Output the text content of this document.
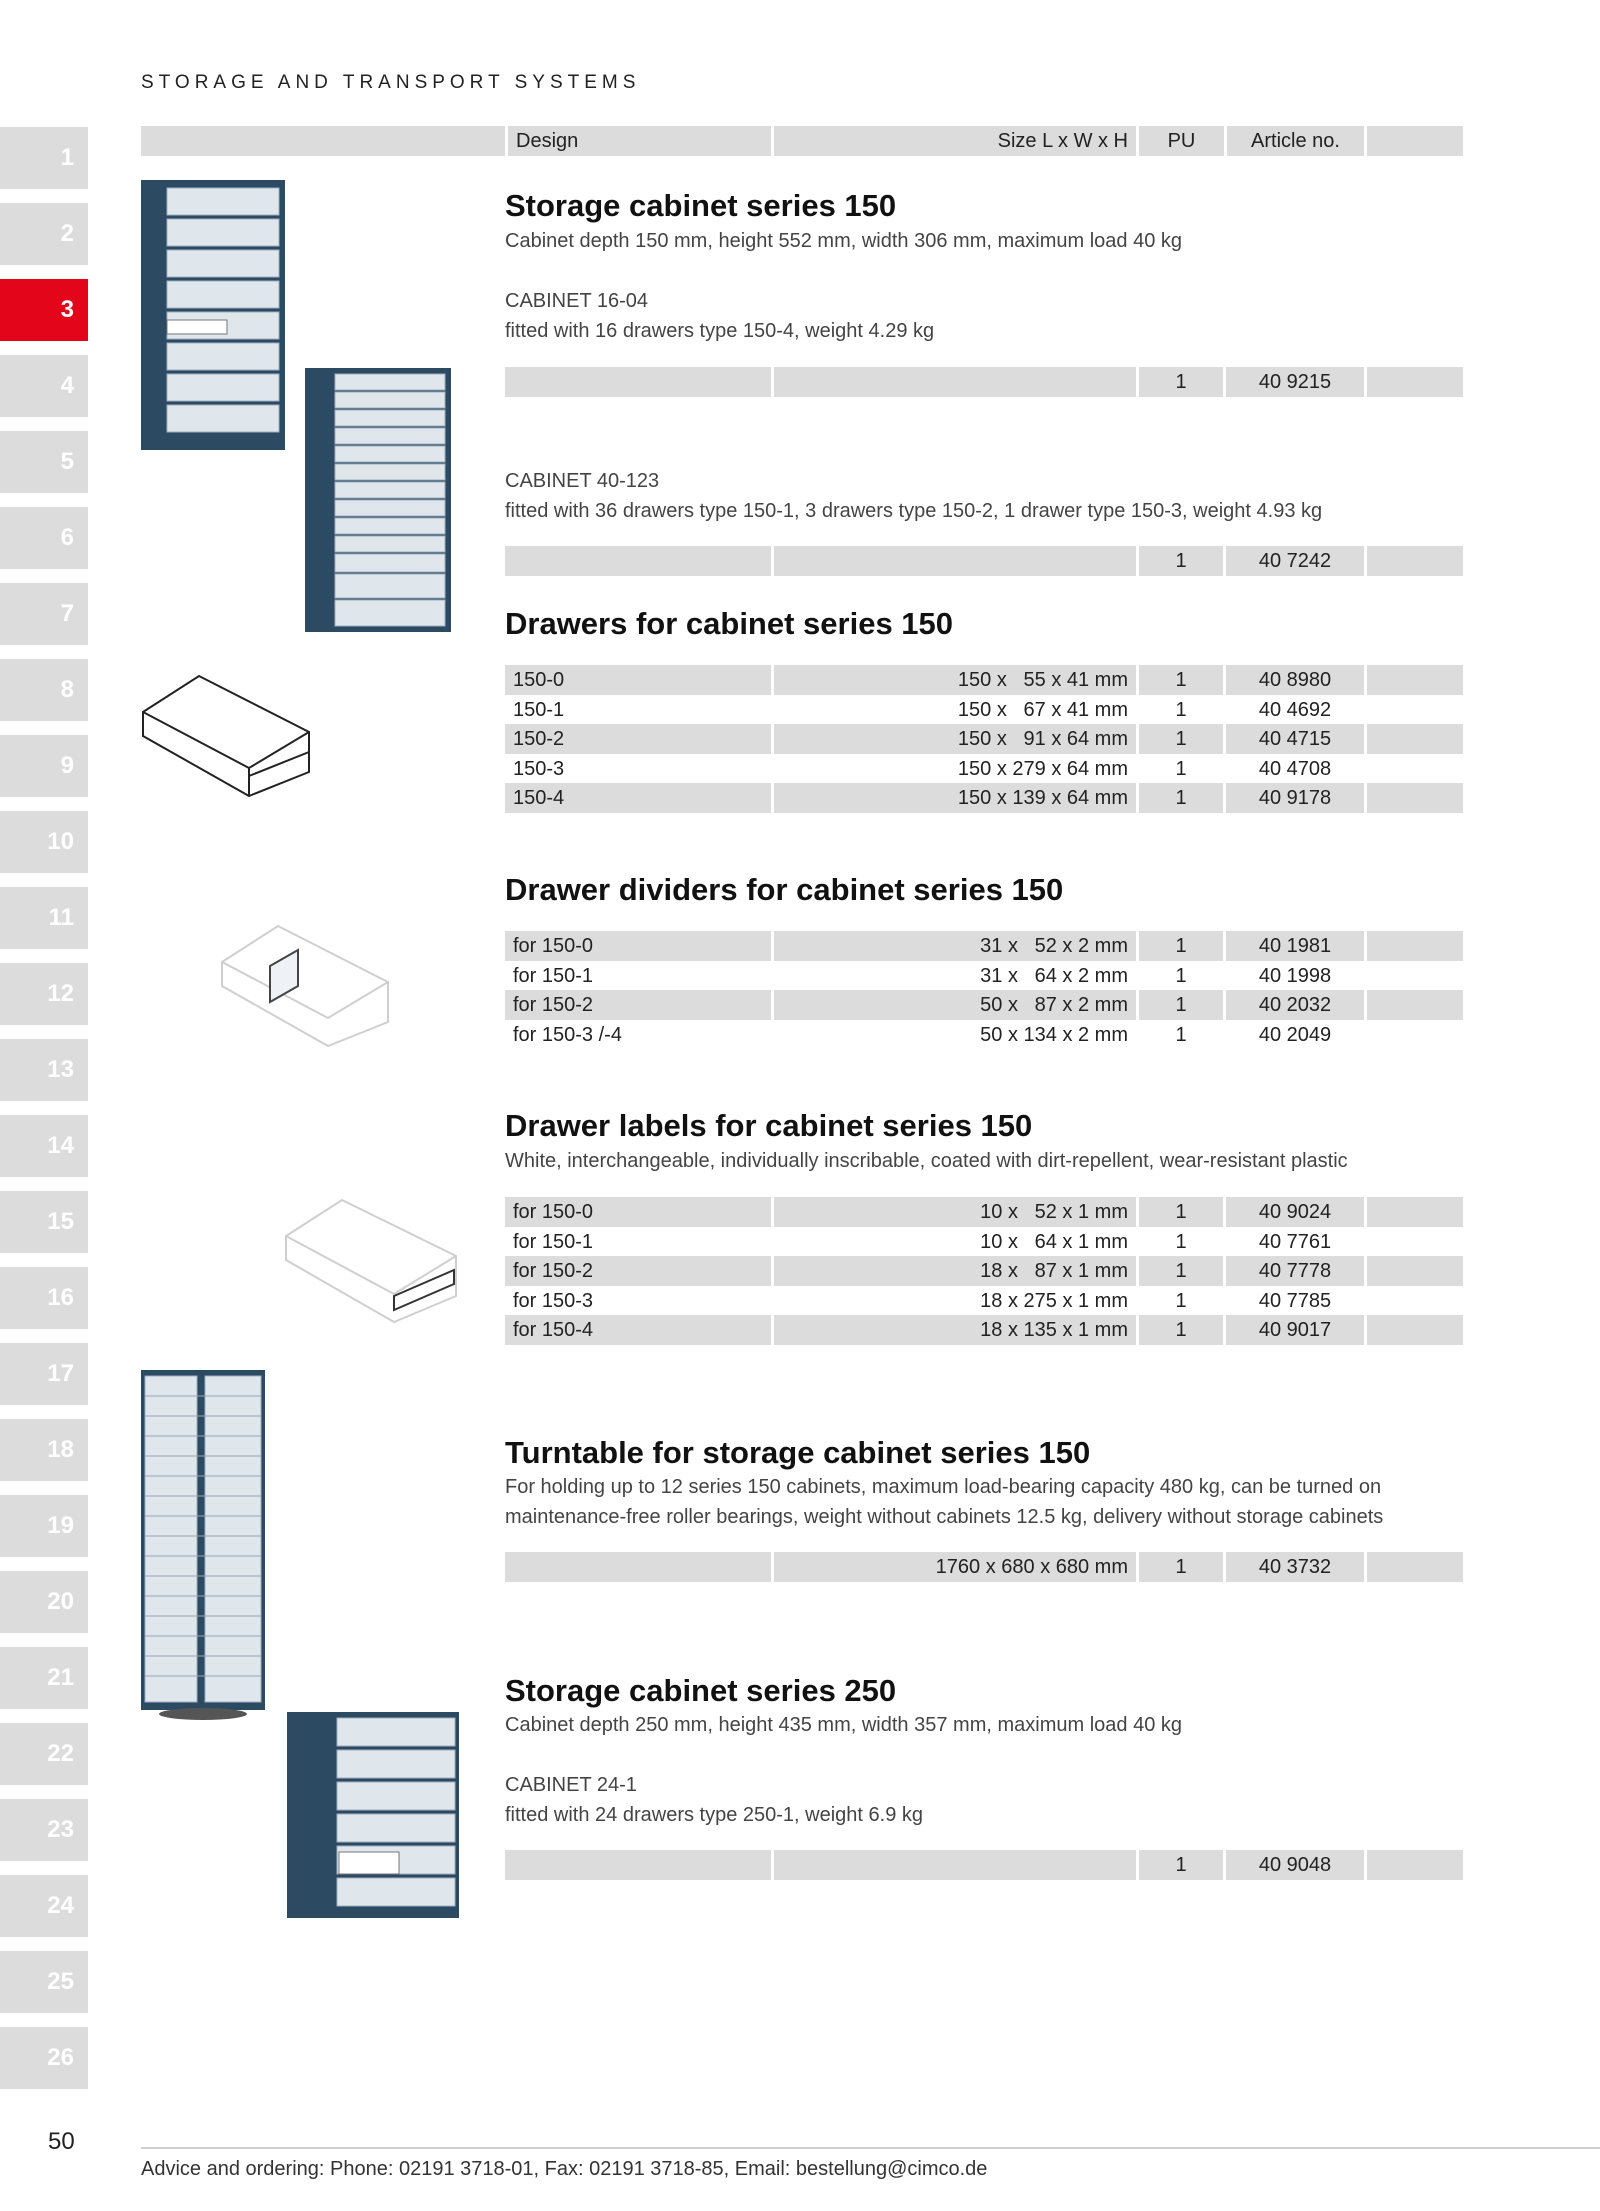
STORAGE AND TRANSPORT SYSTEMS
1
2
3
4
5
6
7
8
9
10
11
12
13
14
15
16
17
18
19
20
21
22
23
24
25
26
Design	Size L x W x H	PU	Article no.
Storage cabinet series 150
Cabinet depth 150 mm, height 552 mm, width 306 mm, maximum load 40 kg
CABINET 16-04
fitted with 16 drawers type 150-4, weight 4.29 kg
1	40 9215
CABINET 40-123
fitted with 36 drawers type 150-1, 3 drawers type 150-2, 1 drawer type 150-3, weight 4.93 kg
1	40 7242
Drawers for cabinet series 150
150-0	150 x   55 x 41 mm	1	40 8980
150-1	150 x   67 x 41 mm	1	40 4692
150-2	150 x   91 x 64 mm	1	40 4715
150-3	150 x 279 x 64 mm	1	40 4708
150-4	150 x 139 x 64 mm	1	40 9178
Drawer dividers for cabinet series 150
for 150-0	31 x   52 x 2 mm	1	40 1981
for 150-1	31 x   64 x 2 mm	1	40 1998
for 150-2	50 x   87 x 2 mm	1	40 2032
for 150-3 /-4	50 x 134 x 2 mm	1	40 2049
Drawer labels for cabinet series 150
White, interchangeable, individually inscribable, coated with dirt-repellent, wear-resistant plastic
for 150-0	10 x   52 x 1 mm	1	40 9024
for 150-1	10 x   64 x 1 mm	1	40 7761
for 150-2	18 x   87 x 1 mm	1	40 7778
for 150-3	18 x 275 x 1 mm	1	40 7785
for 150-4	18 x 135 x 1 mm	1	40 9017
Turntable for storage cabinet series 150
For holding up to 12 series 150 cabinets, maximum load-bearing capacity 480 kg, can be turned on
maintenance-free roller bearings, weight without cabinets 12.5 kg, delivery without storage cabinets
1760 x 680 x 680 mm	1	40 3732
Storage cabinet series 250
Cabinet depth 250 mm, height 435 mm, width 357 mm, maximum load 40 kg
CABINET 24-1
fitted with 24 drawers type 250-1, weight 6.9 kg
1	40 9048
50
Advice and ordering: Phone: 02191 3718-01, Fax: 02191 3718-85, Email: bestellung@cimco.de
